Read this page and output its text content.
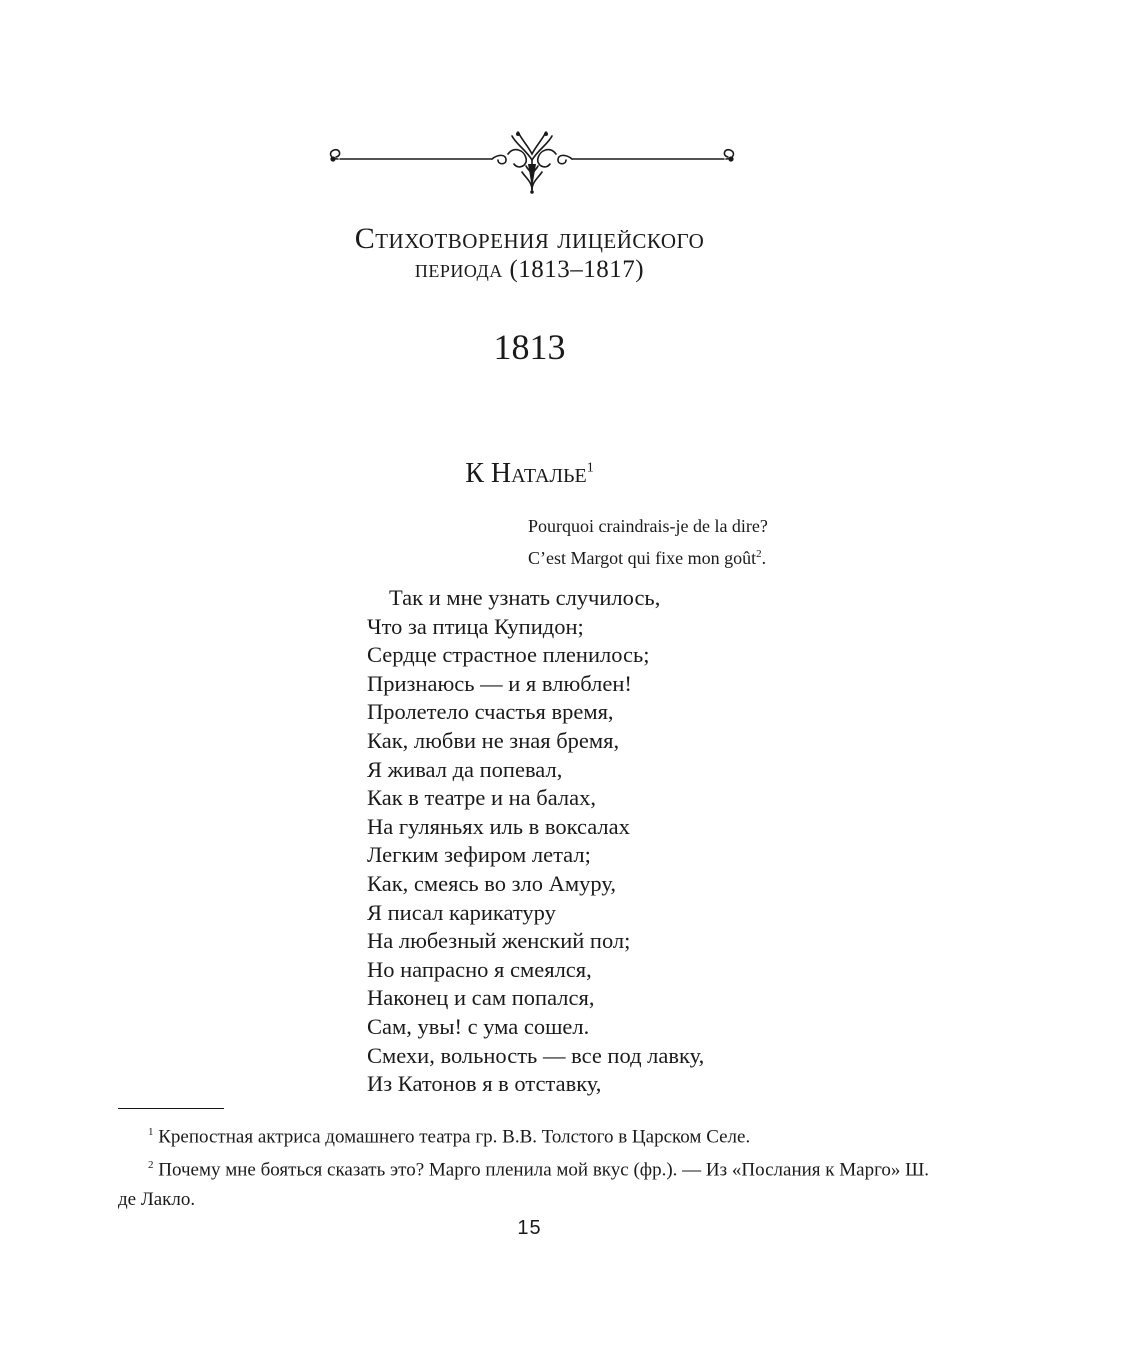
Стихотворения лицейского
периода (1813–1817)
1813
К Наталье$^1$
Pourquoi craindrais-je de la dire?
C’est Margot qui fixe mon goût$^2$.
Так и мне узнать случилось,
Что за птица Купидон;
Сердце страстное пленилось;
Признаюсь — и я влюблен!
Пролетело счастья время,
Как, любви не зная бремя,
Я живал да попевал,
Как в театре и на балах,
На гуляньях иль в воксалах
Легким зефиром летал;
Как, смеясь во зло Амуру,
Я писал карикатуру
На любезный женский пол;
Но напрасно я смеялся,
Наконец и сам попался,
Сам, увы! с ума сошел.
Смехи, вольность — все под лавку,
Из Катонов я в отставку,
$^1$ Крепостная актриса домашнего театра гр. В.В. Толстого в Царском Селе.
$^2$ Почему мне бояться сказать это? Марго пленила мой вкус (фр.). — Из «Послания к Марго» Ш. де Лакло.
15
